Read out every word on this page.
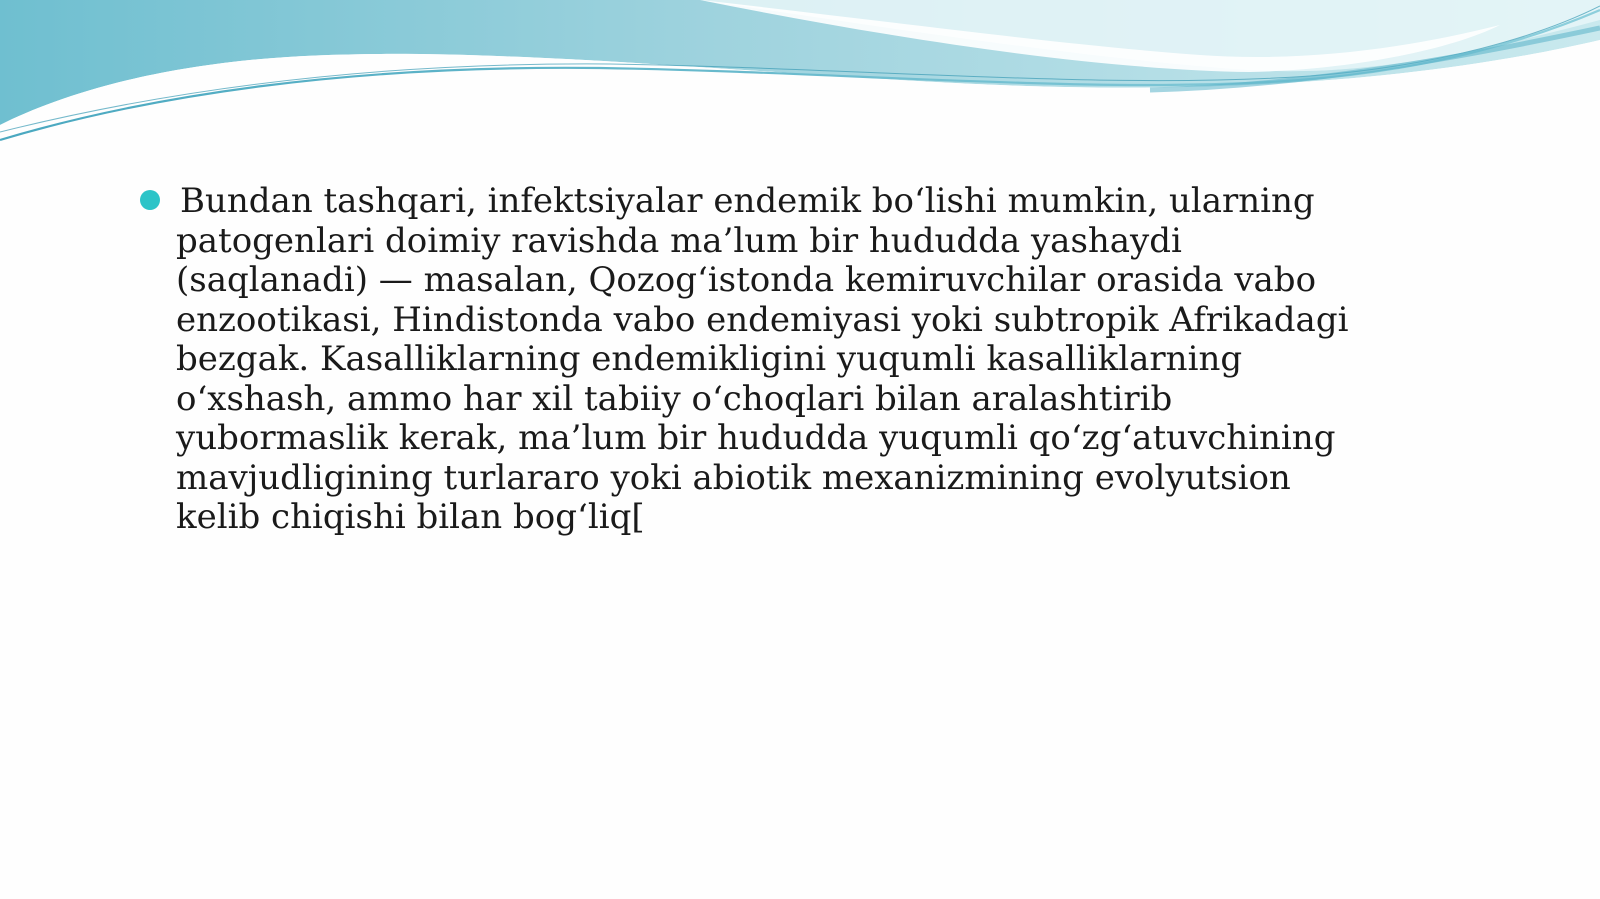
Bundan tashqari, infektsiyalar endemik bo‘lishi mumkin, ularning patogenlari doimiy ravishda ma’lum bir hududda yashaydi (saqlanadi) — masalan, Qozog‘istonda kemiruvchilar orasida vabo enzootikasi, Hindistonda vabo endemiyasi yoki subtropik Afrikadagi bezgak. Kasalliklarning endemikligini yuqumli kasalliklarning o‘xshash, ammo har xil tabiiy o‘choqlari bilan aralashtirib yubormaslik kerak, ma’lum bir hududda yuqumli qo‘zg‘atuvchining mavjudligining turlararo yoki abiotik mexanizmining evolyutsion kelib chiqishi bilan bog‘liq[
